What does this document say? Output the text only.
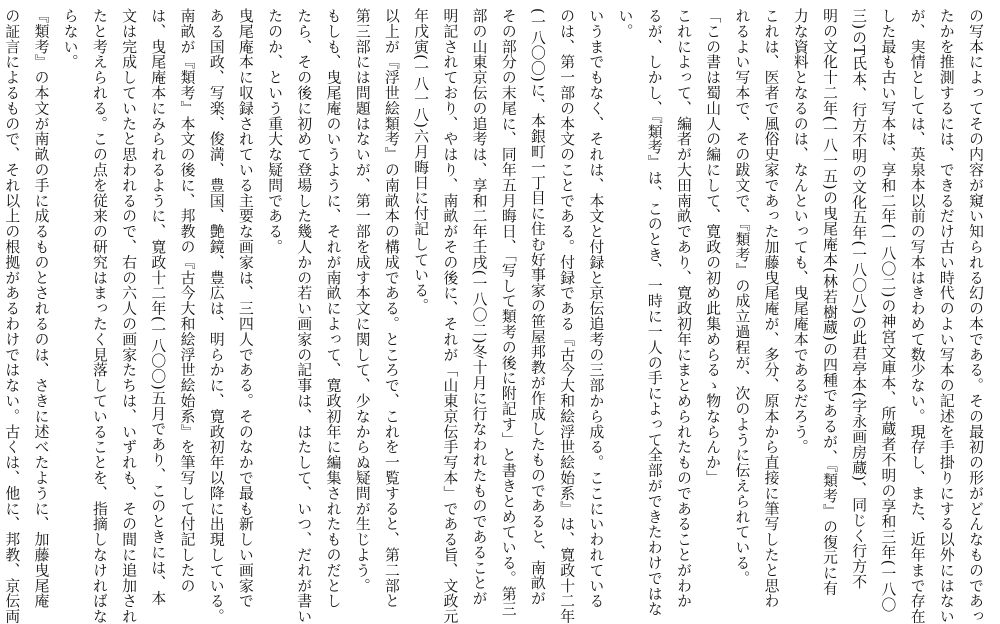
の写本によってその内容が窺い知られる幻の本である。その最初の形がどんなものであっ
たかを推測するには、できるだけ古い時代のよい写本の記述を手掛りにする以外にはない
が、実情としては、英泉本以前の写本はきわめて数少ない。現存し、また、近年まで存在
した最も古い写本は、享和二年(一八〇二)の神宮文庫本、所蔵者不明の享和三年(一八〇
三)のT氏本、行方不明の文化五年(一八〇八)の此君亭本(字永画房蔵)、同じく行方不
明の文化十二年(一八一五)の曳尾庵本(林若樹蔵)の四種であるが、『類考』の復元に有
力な資料となるのは、なんといっても、曳尾庵本であるだろう。
これは、医者で風俗史家であった加藤曳尾庵が、多分、原本から直接に筆写したと思わ
れるよい写本で、その跋文で、『類考』の成立過程が、次のように伝えられている。
「この書は蜀山人の編にして、寛政の初め此集めらるゝ物ならんか」
これによって、編者が大田南畝であり、寛政初年にまとめられたものであることがわか
るが、しかし、『類考』は、このとき、一時に一人の手によって全部ができたわけではな
い。
いうまでもなく、それは、本文と付録と京伝追考の三部から成る。ここにいわれている
のは、第一部の本文のことである。付録である『古今大和絵浮世絵始系』は、寛政十二年
(一八〇〇)に、本銀町一丁目に住む好事家の笹屋邦教が作成したものであると、南畝が
その部分の末尾に、同年五月晦日、「写して類考の後に附記す」と書きとめている。第三
部の山東京伝の追考は、享和二年壬戌(一八〇二)冬十月に行なわれたものであることが
明記されており、やはり、南畝がその後に、それが「山東京伝手写本」である旨、文政元
年戊寅(一八一八)六月晦日に付記している。
以上が『浮世絵類考』の南畝本の構成である。ところで、これを一覧すると、第二部と
第三部には問題はないが、第一部を成す本文に関して、少なからぬ疑問が生じよう。
もしも、曳尾庵のいうように、それが南畝によって、寛政初年に編集されたものだとし
たら、その後に初めて登場した幾人かの若い画家の記事は、はたして、いつ、だれが書い
たのか、という重大な疑問である。
曳尾庵本に収録されている主要な画家は、三四人である。そのなかで最も新しい画家で
ある国政、写楽、俊満、豊国、艶鏡、豊広は、明らかに、寛政初年以降に出現している。
南畝が『類考』本文の後に、邦教の『古今大和絵浮世絵始系』を筆写して付記したの
は、曳尾庵本にみられるように、寛政十二年(一八〇〇)五月であり、このときには、本
文は完成していたと思われるので、右の六人の画家たちは、いずれも、その間に追加され
たと考えられる。この点を従来の研究はまったく見落していることを、指摘しなければな
らない。
『類考』の本文が南畝の手に成るものとされるのは、さきに述べたように、加藤曳尾庵
の証言によるもので、それ以上の根拠があるわけではない。古くは、他に、邦教、京伝両
